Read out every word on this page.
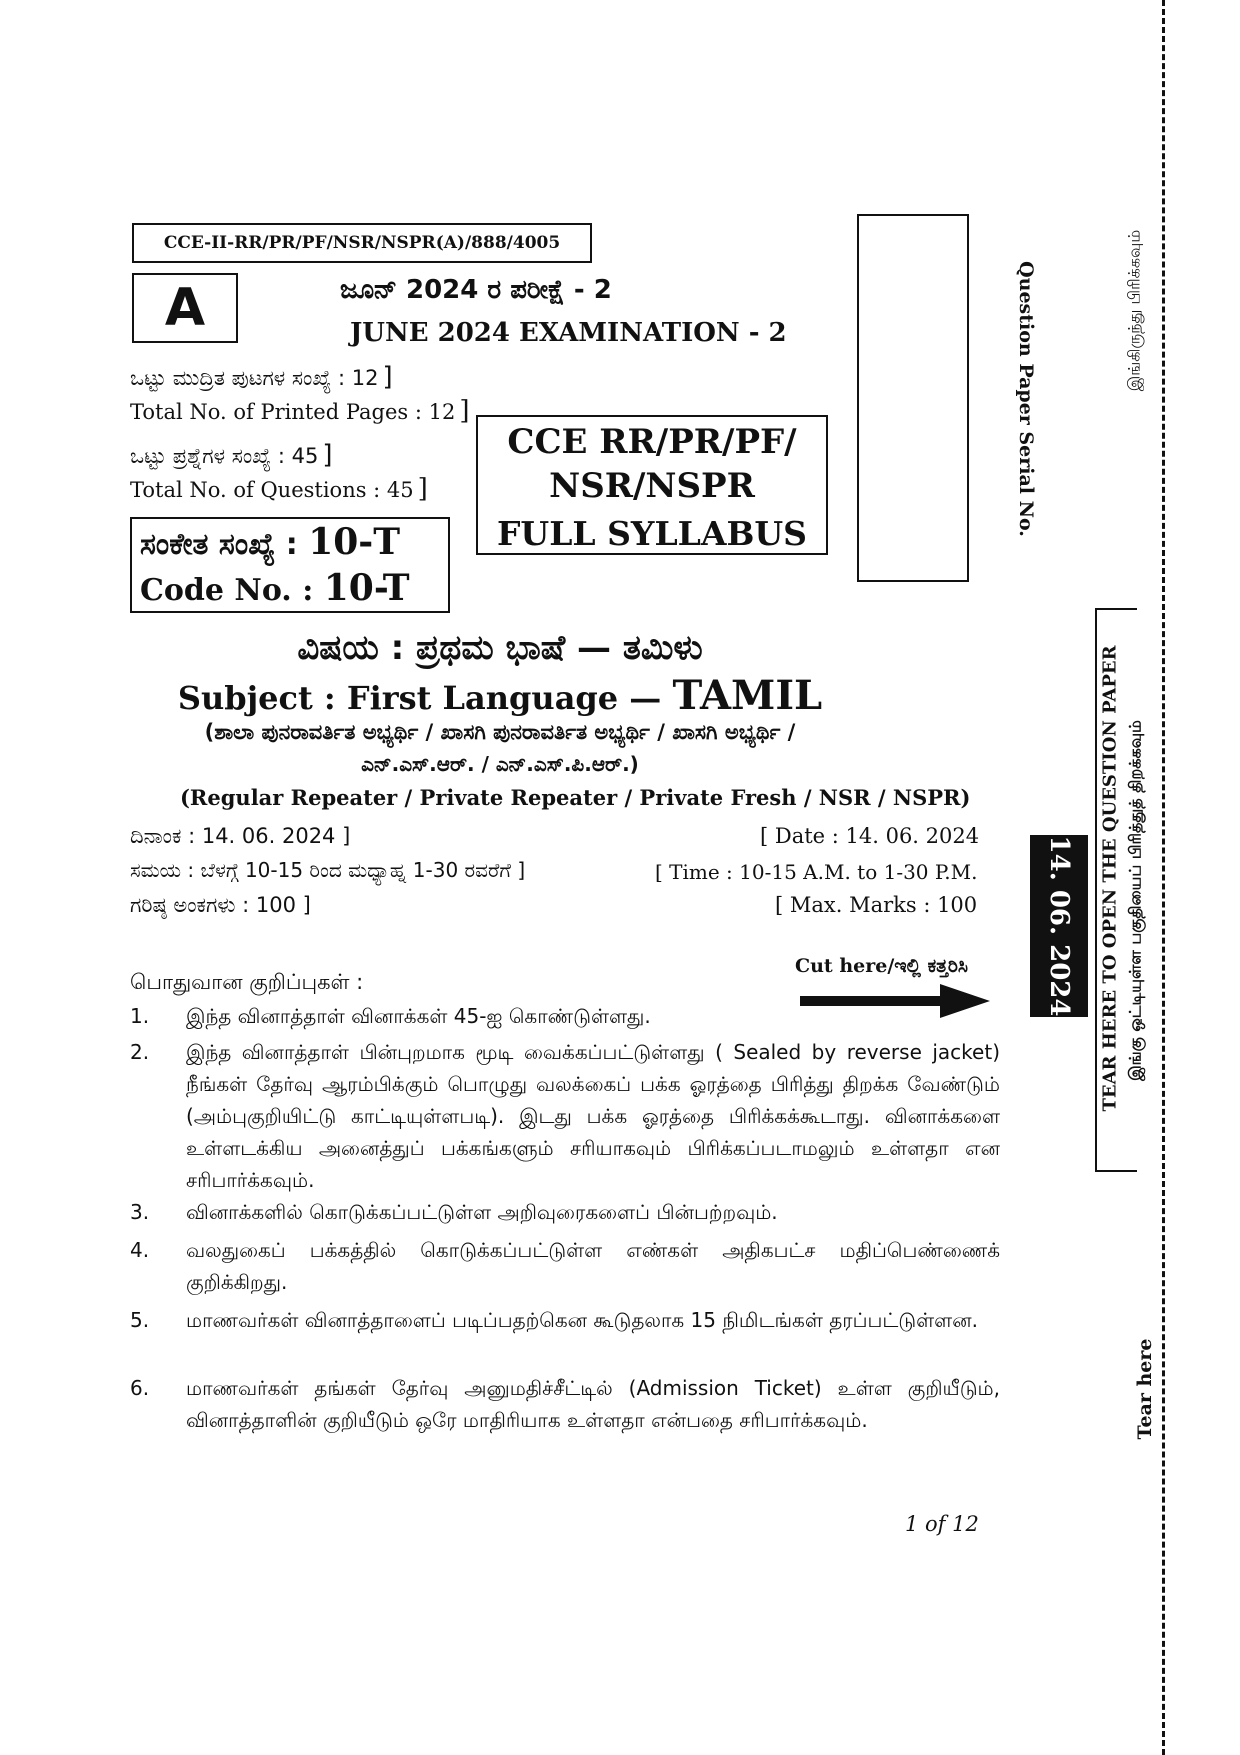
CCE-II-RR/PR/PF/NSR/NSPR(A)/888/4005
A	ಜೂನ್ 2024 ರ ಪರೀಕ್ಷೆ - 2
JUNE 2024 EXAMINATION - 2
ಒಟ್ಟು ಮುದ್ರಿತ ಪುಟಗಳ ಸಂಖ್ಯೆ : 12 ]
Total No. of Printed Pages : 12 ]
ಒಟ್ಟು ಪ್ರಶ್ನೆಗಳ ಸಂಖ್ಯೆ : 45 ]
Total No. of Questions : 45 ]
CCE RR/PR/PF/
NSR/NSPR
FULL SYLLABUS
ಸಂಕೇತ ಸಂಖ್ಯೆ : 10-T
Code No. : 10-T
Question Paper Serial No.
ವಿಷಯ : ಪ್ರಥಮ ಭಾಷೆ — ತಮಿಳು
Subject : First Language — TAMIL
(ಶಾಲಾ ಪುನರಾವರ್ತಿತ ಅಭ್ಯರ್ಥಿ / ಖಾಸಗಿ ಪುನರಾವರ್ತಿತ ಅಭ್ಯರ್ಥಿ / ಖಾಸಗಿ ಅಭ್ಯರ್ಥಿ /
ಎನ್.ಎಸ್.ಆರ್. / ಎನ್.ಎಸ್.ಪಿ.ಆರ್.)
(Regular Repeater / Private Repeater / Private Fresh / NSR / NSPR)
ದಿನಾಂಕ : 14. 06. 2024 ]	[ Date : 14. 06. 2024
ಸಮಯ : ಬೆಳಗ್ಗೆ 10-15 ರಿಂದ ಮಧ್ಯಾಹ್ನ 1-30 ರವರೆಗೆ ]	[ Time : 10-15 A.M. to 1-30 P.M.
ಗರಿಷ್ಠ ಅಂಕಗಳು : 100 ]	[ Max. Marks : 100
பொதுவான குறிப்புகள் :
Cut here/ಇಲ್ಲಿ ಕತ್ತರಿಸಿ
1.	இந்த வினாத்தாள் வினாக்கள் 45-ஐ கொண்டுள்ளது.
2.	இந்த வினாத்தாள் பின்புறமாக மூடி வைக்கப்பட்டுள்ளது ( Sealed by reverse jacket) நீங்கள் தேர்வு ஆரம்பிக்கும் பொழுது வலக்கைப் பக்க ஓரத்தை பிரித்து திறக்க வேண்டும் (அம்புகுறியிட்டு காட்டியுள்ளபடி). இடது பக்க ஓரத்தை பிரிக்கக்கூடாது. வினாக்களை உள்ளடக்கிய அனைத்துப் பக்கங்களும் சரியாகவும் பிரிக்கப்படாமலும் உள்ளதா என சரிபார்க்கவும்.
3.	வினாக்களில் கொடுக்கப்பட்டுள்ள அறிவுரைகளைப் பின்பற்றவும்.
4.	வலதுகைப் பக்கத்தில் கொடுக்கப்பட்டுள்ள எண்கள் அதிகபட்ச மதிப்பெண்ணைக் குறிக்கிறது.
5.	மாணவர்கள் வினாத்தாளைப் படிப்பதற்கென கூடுதலாக 15 நிமிடங்கள் தரப்பட்டுள்ளன.
6.	மாணவர்கள் தங்கள் தேர்வு அனுமதிச்சீட்டில் (Admission Ticket) உள்ள குறியீடும், வினாத்தாளின் குறியீடும் ஒரே மாதிரியாக உள்ளதா என்பதை சரிபார்க்கவும்.
1 of 12
TEAR HERE TO OPEN THE QUESTION PAPER இங்கு ஒட்டியுள்ள பகுதியைப் பிரித்துத் திறக்கவும்
14. 06. 2024
Tear here
இங்கிருந்து பிரிக்கவும்
